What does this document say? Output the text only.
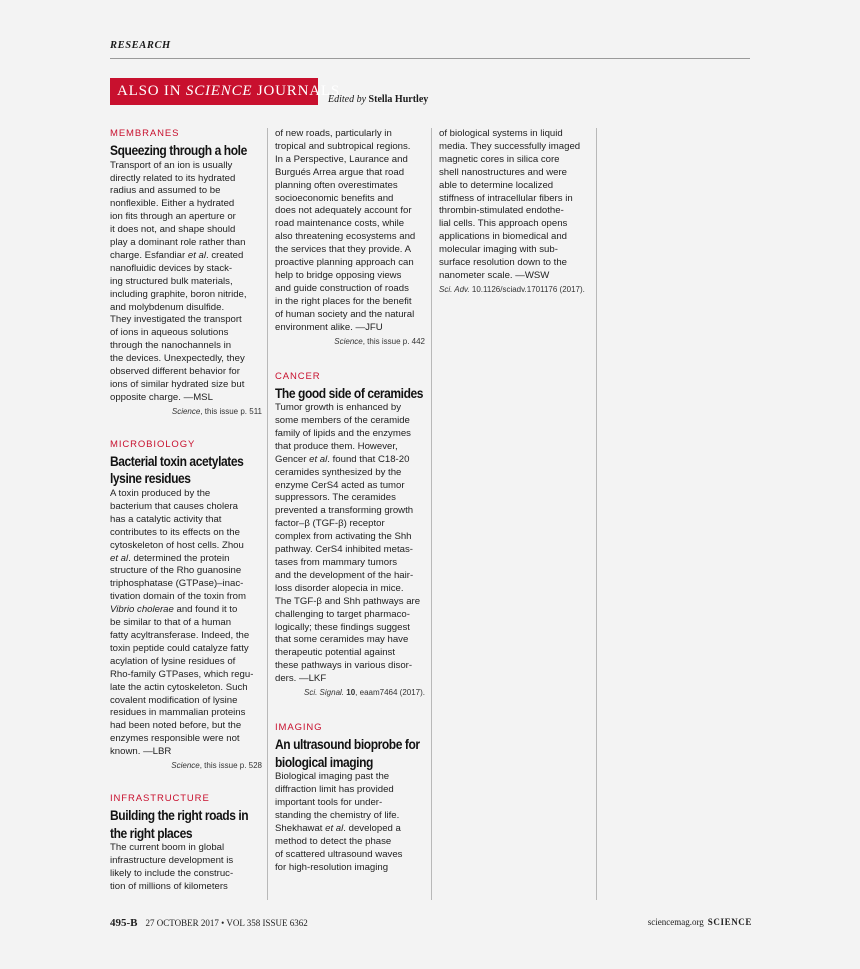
RESEARCH
ALSO IN SCIENCE JOURNALS
Edited by Stella Hurtley
MEMBRANES
Squeezing through a hole
Transport of an ion is usually
directly related to its hydrated
radius and assumed to be
nonflexible. Either a hydrated
ion fits through an aperture or
it does not, and shape should
play a dominant role rather than
charge. Esfandiar et al. created
nanofluidic devices by stack-
ing structured bulk materials,
including graphite, boron nitride,
and molybdenum disulfide.
They investigated the transport
of ions in aqueous solutions
through the nanochannels in
the devices. Unexpectedly, they
observed different behavior for
ions of similar hydrated size but
opposite charge. —MSL
Science, this issue p. 511
MICROBIOLOGY
Bacterial toxin acetylates lysine residues
A toxin produced by the
bacterium that causes cholera
has a catalytic activity that
contributes to its effects on the
cytoskeleton of host cells. Zhou
et al. determined the protein
structure of the Rho guanosine
triphosphatase (GTPase)–inac-
tivation domain of the toxin from
Vibrio cholerae and found it to
be similar to that of a human
fatty acyltransferase. Indeed, the
toxin peptide could catalyze fatty
acylation of lysine residues of
Rho-family GTPases, which regu-
late the actin cytoskeleton. Such
covalent modification of lysine
residues in mammalian proteins
had been noted before, but the
enzymes responsible were not
known. —LBR
Science, this issue p. 528
INFRASTRUCTURE
Building the right roads in the right places
The current boom in global
infrastructure development is
likely to include the construc-
tion of millions of kilometers
of new roads, particularly in
tropical and subtropical regions.
In a Perspective, Laurance and
Burgués Arrea argue that road
planning often overestimates
socioeconomic benefits and
does not adequately account for
road maintenance costs, while
also threatening ecosystems and
the services that they provide. A
proactive planning approach can
help to bridge opposing views
and guide construction of roads
in the right places for the benefit
of human society and the natural
environment alike. —JFU
Science, this issue p. 442
CANCER
The good side of ceramides
Tumor growth is enhanced by
some members of the ceramide
family of lipids and the enzymes
that produce them. However,
Gencer et al. found that C18-20
ceramides synthesized by the
enzyme CerS4 acted as tumor
suppressors. The ceramides
prevented a transforming growth
factor–β (TGF-β) receptor
complex from activating the Shh
pathway. CerS4 inhibited metas-
tases from mammary tumors
and the development of the hair-
loss disorder alopecia in mice.
The TGF-β and Shh pathways are
challenging to target pharmaco-
logically; these findings suggest
that some ceramides may have
therapeutic potential against
these pathways in various disor-
ders. —LKF
Sci. Signal. 10, eaam7464 (2017).
IMAGING
An ultrasound bioprobe for biological imaging
Biological imaging past the
diffraction limit has provided
important tools for under-
standing the chemistry of life.
Shekhawat et al. developed a
method to detect the phase
of scattered ultrasound waves
for high-resolution imaging
of biological systems in liquid
media. They successfully imaged
magnetic cores in silica core
shell nanostructures and were
able to determine localized
stiffness of intracellular fibers in
thrombin-stimulated endothe-
lial cells. This approach opens
applications in biomedical and
molecular imaging with sub-
surface resolution down to the
nanometer scale. —WSW
Sci. Adv. 10.1126/sciadv.1701176 (2017).
495-B 27 OCTOBER 2017 • VOL 358 ISSUE 6362	sciencemag.org SCIENCE
